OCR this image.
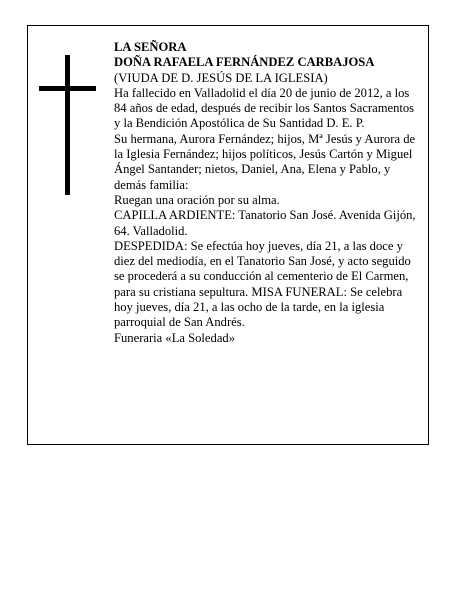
LA SEÑORA

DOÑA RAFAELA FERNÁNDEZ CARBAJOSA

(VIUDA DE D. JESÚS DE LA IGLESIA)

Ha fallecido en Valladolid el día 20 de junio de 2012, a los 84 años de edad, después de recibir los Santos Sacramentos y la Bendición Apostólica de Su Santidad D. E. P.

Su hermana, Aurora Fernández; hijos, Mª Jesús y Aurora de la Iglesia Fernández; hijos políticos, Jesús Cartón y Miguel Ángel Santander; nietos, Daniel, Ana, Elena y Pablo, y demás familia:

Ruegan una oración por su alma.

CAPILLA ARDIENTE: Tanatorio San José. Avenida Gijón, 64. Valladolid.

DESPEDIDA: Se efectúa hoy jueves, día 21, a las doce y diez del mediodía, en el Tanatorio San José, y acto seguido se procederá a su conducción al cementerio de El Carmen, para su cristiana sepultura. MISA FUNERAL: Se celebra hoy jueves, día 21, a las ocho de la tarde, en la iglesia parroquial de San Andrés.

Funeraria «La Soledad»
